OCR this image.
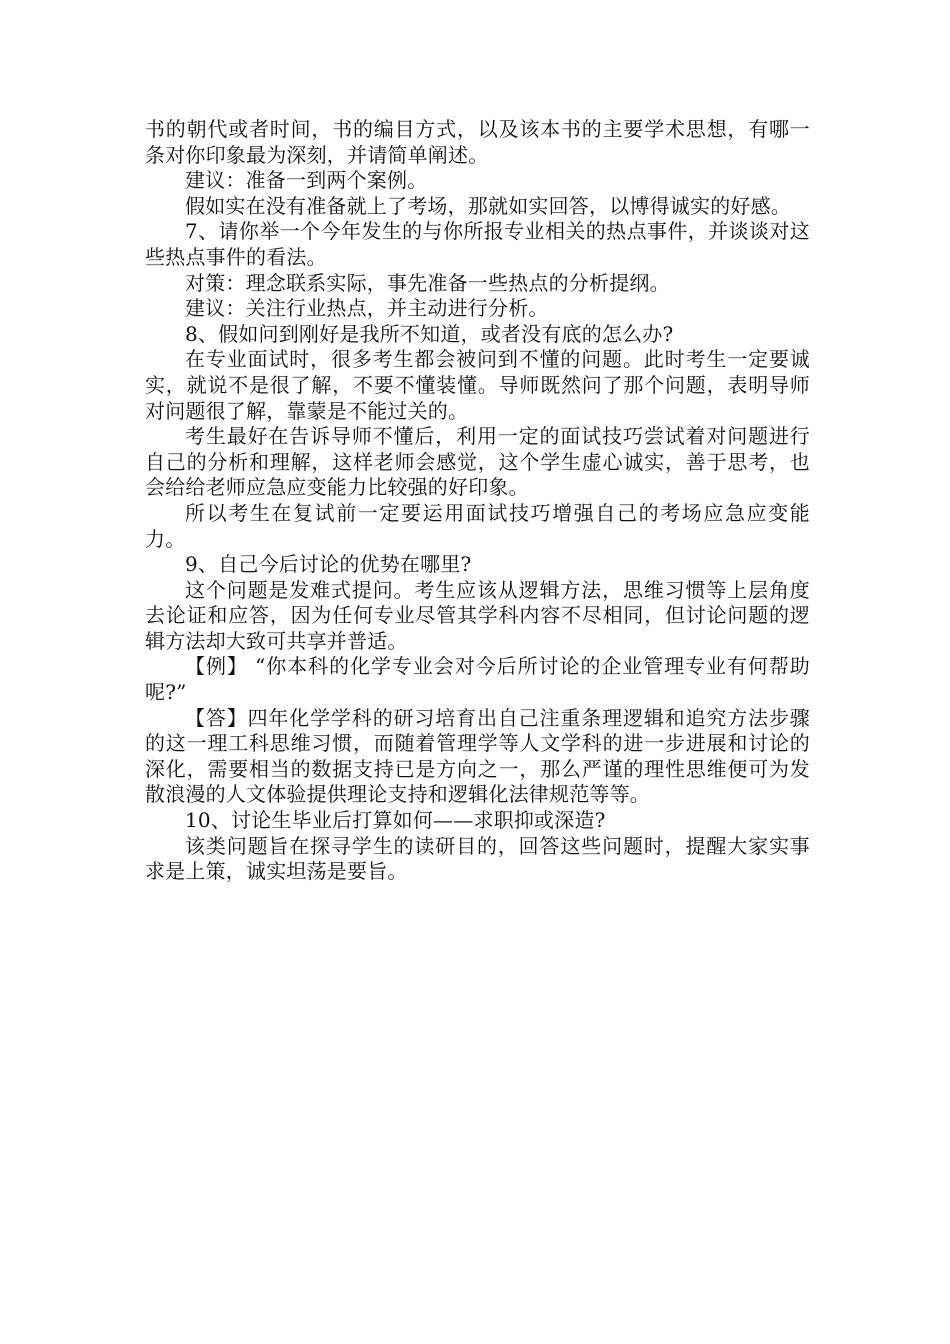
书的朝代或者时间，书的编目方式，以及该本书的主要学术思想，有哪一条对你印象最为深刻，并请简单阐述。

建议：准备一到两个案例。

假如实在没有准备就上了考场，那就如实回答，以博得诚实的好感。

7、请你举一个今年发生的与你所报专业相关的热点事件，并谈谈对这些热点事件的看法。

对策：理念联系实际，事先准备一些热点的分析提纲。

建议：关注行业热点，并主动进行分析。

8、假如问到刚好是我所不知道，或者没有底的怎么办?

在专业面试时，很多考生都会被问到不懂的问题。此时考生一定要诚实，就说不是很了解，不要不懂装懂。导师既然问了那个问题，表明导师对问题很了解，靠蒙是不能过关的。

考生最好在告诉导师不懂后，利用一定的面试技巧尝试着对问题进行自己的分析和理解，这样老师会感觉，这个学生虚心诚实，善于思考，也会给给老师应急应变能力比较强的好印象。

所以考生在复试前一定要运用面试技巧增强自己的考场应急应变能力。

9、自己今后讨论的优势在哪里?

这个问题是发难式提问。考生应该从逻辑方法，思维习惯等上层角度去论证和应答，因为任何专业尽管其学科内容不尽相同，但讨论问题的逻辑方法却大致可共享并普适。

【例】 “你本科的化学专业会对今后所讨论的企业管理专业有何帮助呢?”

【答】四年化学学科的研习培育出自己注重条理逻辑和追究方法步骤的这一理工科思维习惯，而随着管理学等人文学科的进一步进展和讨论的深化，需要相当的数据支持已是方向之一，那么严谨的理性思维便可为发散浪漫的人文体验提供理论支持和逻辑化法律规范等等。

10、讨论生毕业后打算如何——求职抑或深造?

该类问题旨在探寻学生的读研目的，回答这些问题时，提醒大家实事求是上策，诚实坦荡是要旨。
